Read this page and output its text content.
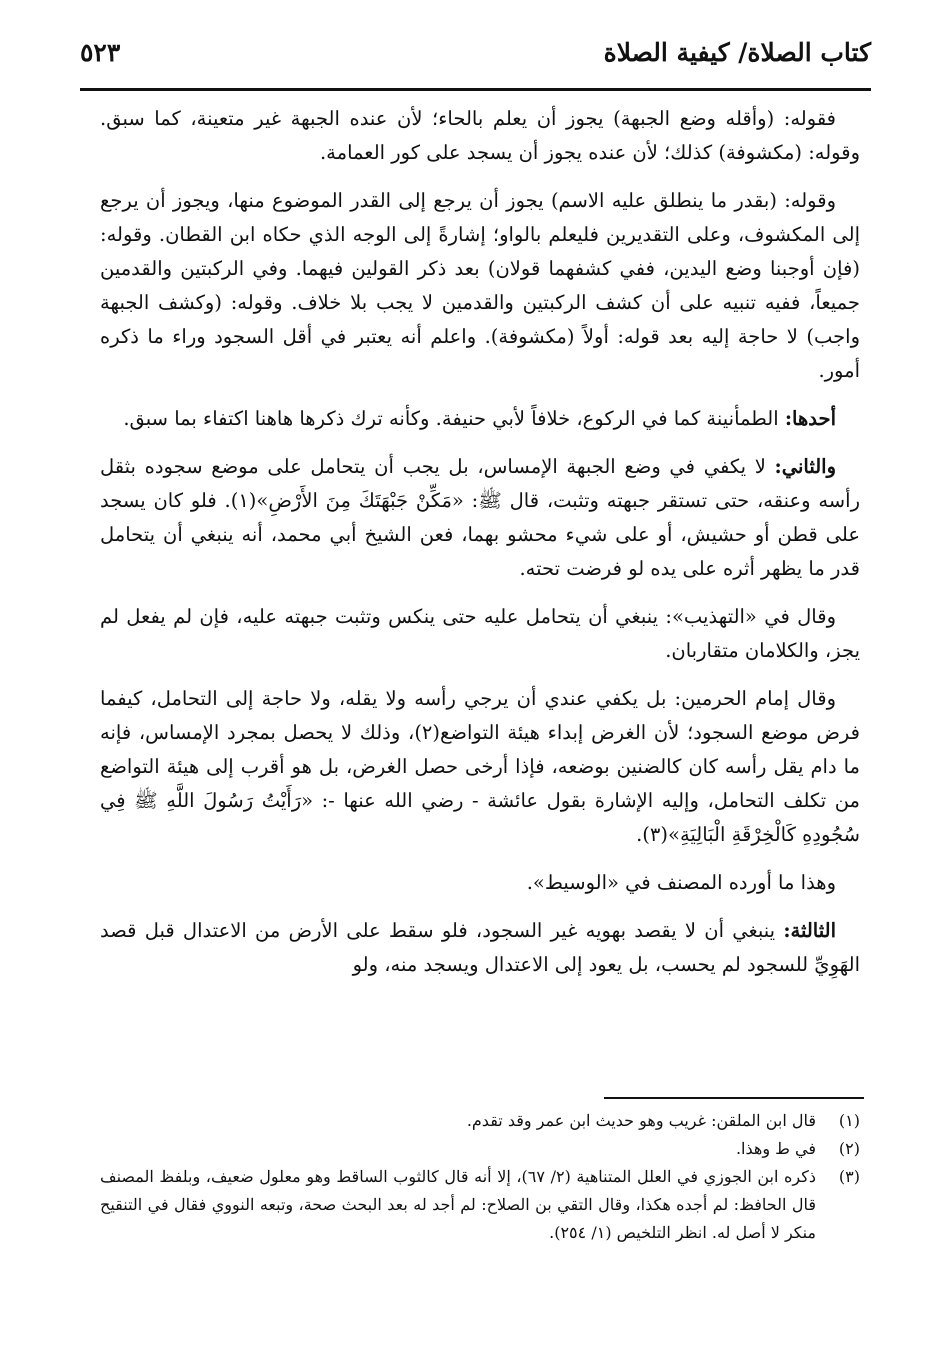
كتاب الصلاة/ كيفية الصلاة
٥٢٣

فقوله: (وأقله وضع الجبهة) يجوز أن يعلم بالحاء؛ لأن عنده الجبهة غير متعينة، كما سبق. وقوله: (مكشوفة) كذلك؛ لأن عنده يجوز أن يسجد على كور العمامة.

وقوله: (بقدر ما ينطلق عليه الاسم) يجوز أن يرجع إلى القدر الموضوع منها، ويجوز أن يرجع إلى المكشوف، وعلى التقديرين فليعلم بالواو؛ إشارةً إلى الوجه الذي حكاه ابن القطان. وقوله: (فإن أوجبنا وضع اليدين، ففي كشفهما قولان) بعد ذكر القولين فيهما. وفي الركبتين والقدمين جميعاً، ففيه تنبيه على أن كشف الركبتين والقدمين لا يجب بلا خلاف. وقوله: (وكشف الجبهة واجب) لا حاجة إليه بعد قوله: أولاً (مكشوفة). واعلم أنه يعتبر في أقل السجود وراء ما ذكره أمور.

أحدها: الطمأنينة كما في الركوع، خلافاً لأبي حنيفة. وكأنه ترك ذكرها هاهنا اكتفاء بما سبق.

والثاني: لا يكفي في وضع الجبهة الإمساس، بل يجب أن يتحامل على موضع سجوده بثقل رأسه وعنقه، حتى تستقر جبهته وتثبت، قال ﷺ: «مَكِّنْ جَبْهَتَكَ مِنَ الأَرْضِ»(١). فلو كان يسجد على قطن أو حشيش، أو على شيء محشو بهما، فعن الشيخ أبي محمد، أنه ينبغي أن يتحامل قدر ما يظهر أثره على يده لو فرضت تحته.

وقال في «التهذيب»: ينبغي أن يتحامل عليه حتى ينكس وتثبت جبهته عليه، فإن لم يفعل لم يجز، والكلامان متقاربان.

وقال إمام الحرمين: بل يكفي عندي أن يرجي رأسه ولا يقله، ولا حاجة إلى التحامل، كيفما فرض موضع السجود؛ لأن الغرض إبداء هيئة التواضع(٢)، وذلك لا يحصل بمجرد الإمساس، فإنه ما دام يقل رأسه كان كالضنين بوضعه، فإذا أرخى حصل الغرض، بل هو أقرب إلى هيئة التواضع من تكلف التحامل، وإليه الإشارة بقول عائشة - رضي الله عنها -: «رَأَيْتُ رَسُولَ اللَّهِ ﷺ فِي سُجُودِهِ كَالْخِرْقَةِ الْبَالِيَةِ»(٣).

وهذا ما أورده المصنف في «الوسيط».

الثالثة: ينبغي أن لا يقصد بهويه غير السجود، فلو سقط على الأرض من الاعتدال قبل قصد الهَوِيِّ للسجود لم يحسب، بل يعود إلى الاعتدال ويسجد منه، ولو

(١)
قال ابن الملقن: غريب وهو حديث ابن عمر وقد تقدم.

(٢)
في ط وهذا.

(٣)
ذكره ابن الجوزي في العلل المتناهية (٢/ ٦٧)، إلا أنه قال كالثوب الساقط وهو معلول ضعيف، وبلفظ المصنف قال الحافظ: لم أجده هكذا، وقال التقي بن الصلاح: لم أجد له بعد البحث صحة، وتبعه النووي فقال في التنقيح منكر لا أصل له. انظر التلخيص (١/ ٢٥٤).
